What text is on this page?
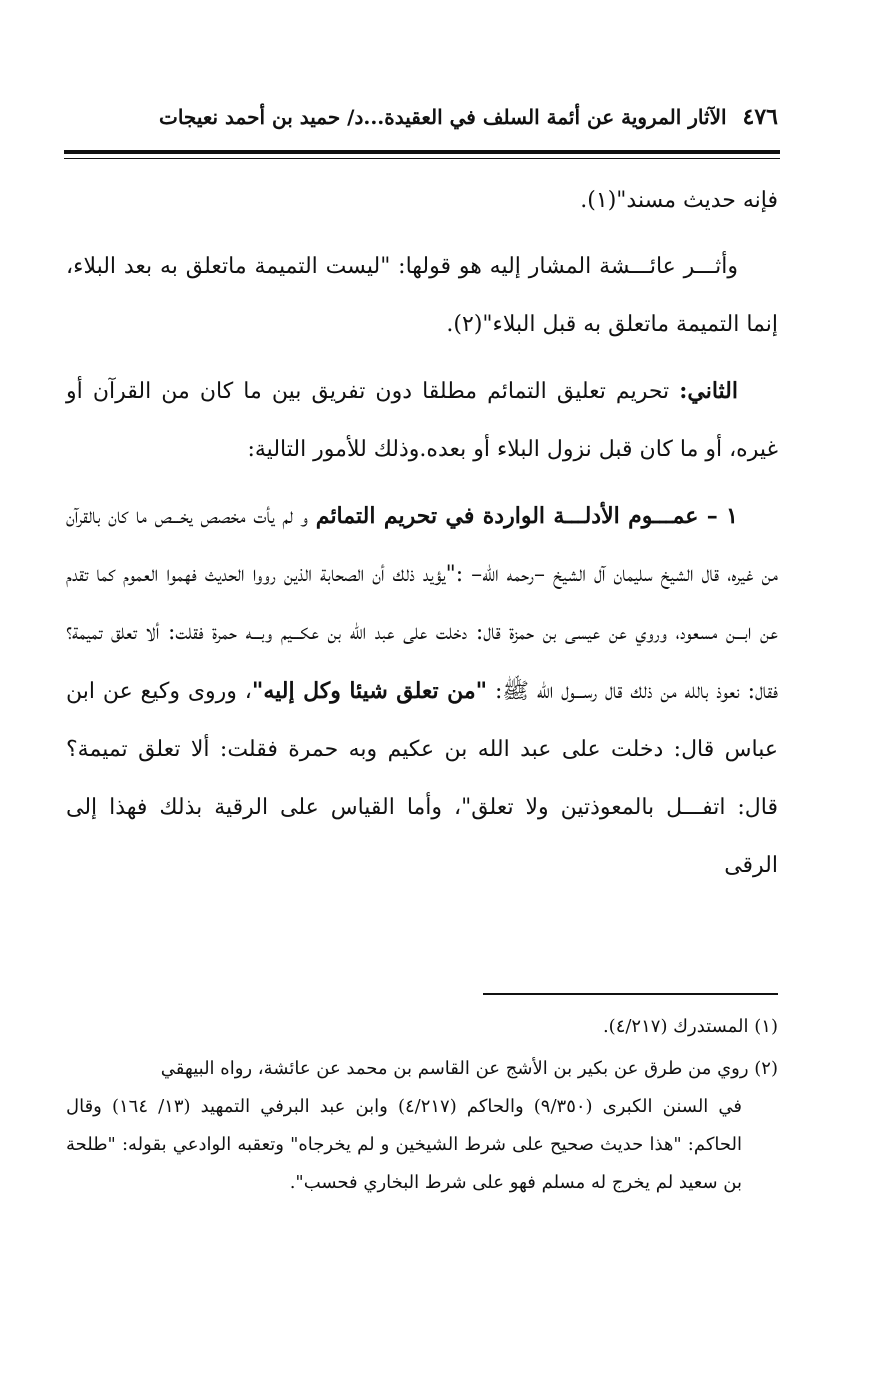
٤٧٦
الآثار المروية عن أئمة السلف في العقيدة...د/ حميد بن أحمد نعيجات

فإنه حديث مسند"(١).

وأثـــر عائـــشة المشار إليه هو قولها: "ليست التميمة ماتعلق به بعد البلاء، إنما التميمة ماتعلق به قبل البلاء"(٢).

الثاني: تحريم تعليق التمائم مطلقا دون تفريق بين ما كان من القرآن أو غيره، أو ما كان قبل نزول البلاء أو بعده.وذلك للأمور التالية:

١ – عمـــوم الأدلـــة الواردة في تحريم التمائم و لم يأت مخصص يخـــص ما كان بالقرآن من غيره، قال الشيخ سليمان آل الشيخ –رحمه الله– :"يؤيد ذلك أن الصحابة الذين رووا الحديث فهموا العموم كما تقدم عن ابـــن مسعود، وروي عن عيسى بن حمزة قال: دخلت على عبد الله بن عكـــيم وبـــه حمرة فقلت: ألا تعلق تميمة؟ فقال: نعوذ بالله من ذلك قال رســـول الله ﷺ: "من تعلق شيئا وكل إليه"، وروى وكيع عن ابن عباس قال: دخلت على عبد الله بن عكيم وبه حمرة فقلت: ألا تعلق تميمة؟ قال: اتفـــل بالمعوذتين ولا تعلق"، وأما القياس على الرقية بذلك فهذا إلى الرقى

(١) المستدرك (٤/٢١٧).

(٢) روي من طرق عن بكير بن الأشج عن القاسم بن محمد عن عائشة، رواه البيهقي
في السنن الكبرى (٩/٣٥٠) والحاكم (٤/٢١٧) وابن عبد البرفي التمهيد (١٣/ ١٦٤) وقال الحاكم: "هذا حديث صحيح على شرط الشيخين و لم يخرجاه" وتعقبه الوادعي بقوله: "طلحة بن سعيد لم يخرج له مسلم فهو على شرط البخاري فحسب".
